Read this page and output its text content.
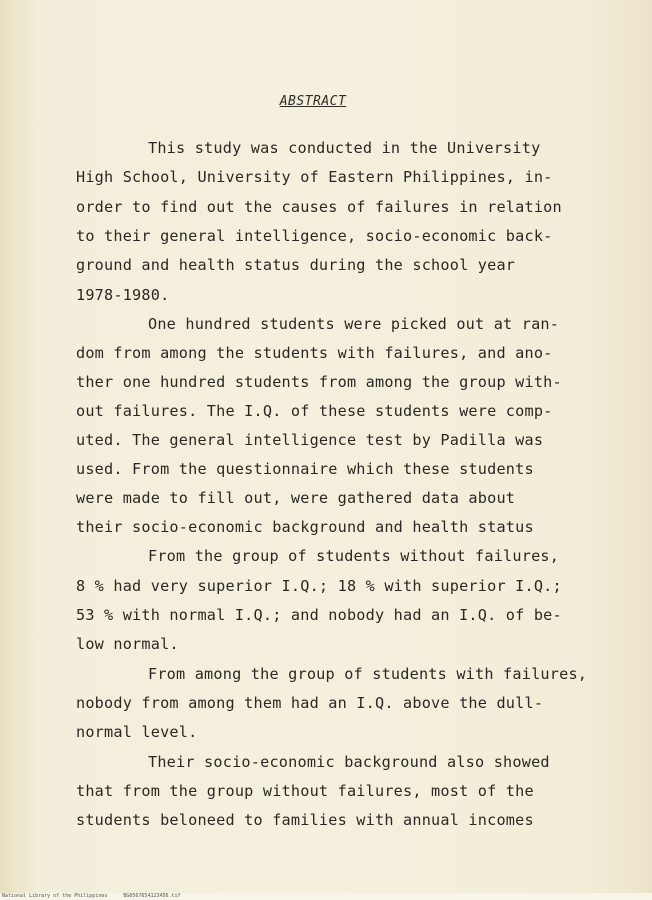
ABSTRACT
This study was conducted in the University
High School, University of Eastern Philippines, in-
order to find out the causes of failures in relation
to their general intelligence, socio-economic back-
ground and health status during the school year
1978-1980.
One hundred students were picked out at ran-
dom from among the students with failures, and ano-
ther one hundred students from among the group with-
out failures. The I.Q. of these students were comp-
uted. The general intelligence test by Padilla was
used. From the questionnaire which these students
were made to fill out, were gathered data about
their socio-economic background and health status
From the group of students without failures,
8 % had very superior I.Q.; 18 % with superior I.Q.;
53 % with normal I.Q.; and nobody had an I.Q. of be-
low normal.
From among the group of students with failures,
nobody from among them had an I.Q. above the dull-
normal level.
Their socio-economic background also showed
that from the group without failures, most of the
students beloneed to families with annual incomes
National Library of the Philippines	BG0567654123456.tif
